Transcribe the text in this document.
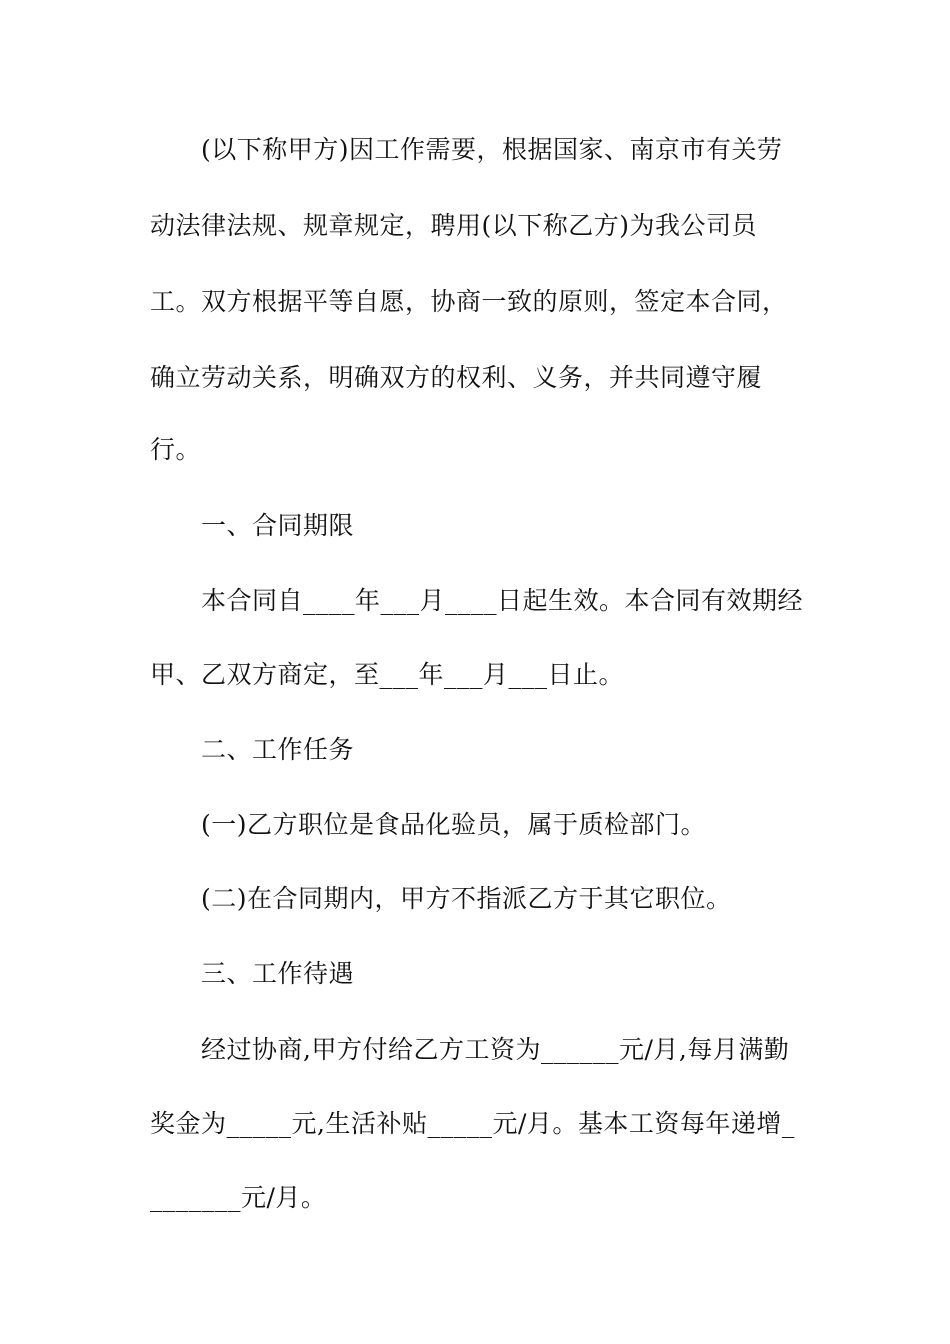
(以下称甲方)因工作需要，根据国家、南京市有关劳
动法律法规、规章规定，聘用(以下称乙方)为我公司员
工。双方根据平等自愿，协商一致的原则，签定本合同，
确立劳动关系，明确双方的权利、义务，并共同遵守履
行。
一、合同期限
本合同自____年___月____日起生效。本合同有效期经
甲、乙双方商定，至___年___月___日止。
二、工作任务
(一)乙方职位是食品化验员，属于质检部门。
(二)在合同期内，甲方不指派乙方于其它职位。
三、工作待遇
经过协商,甲方付给乙方工资为______元/月,每月满勤
奖金为_____元,生活补贴_____元/月。基本工资每年递增_
_______元/月。
